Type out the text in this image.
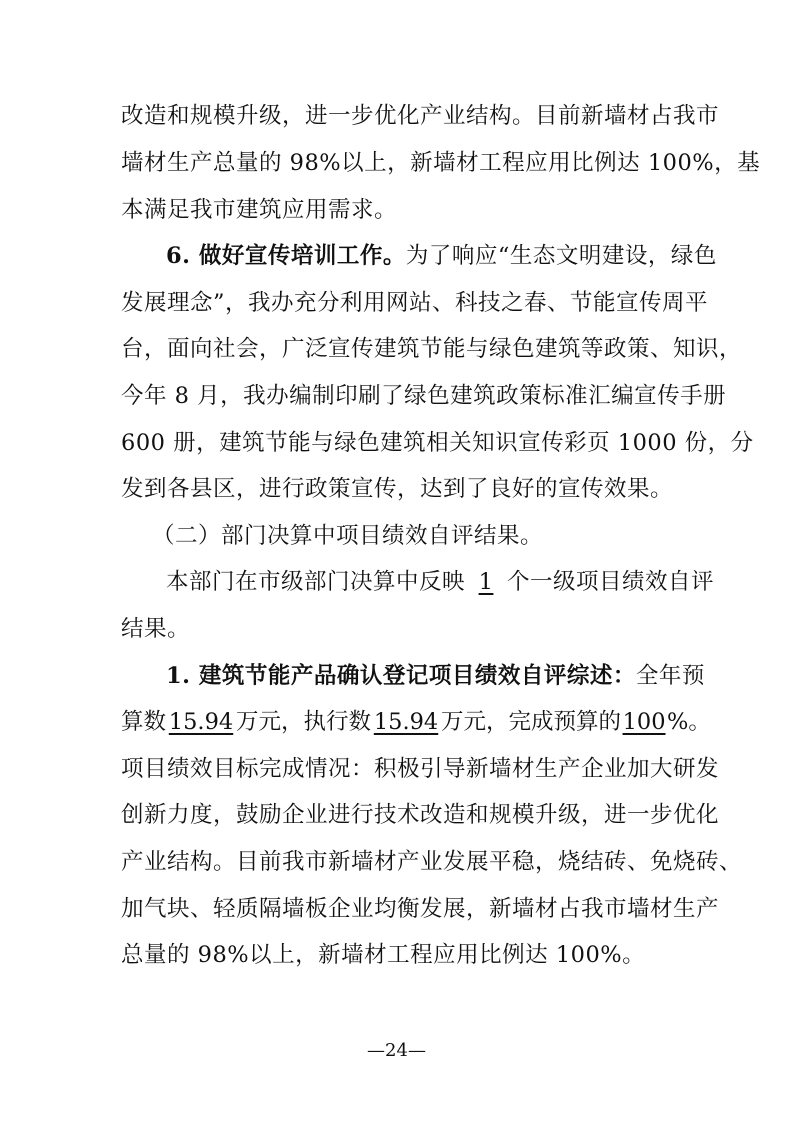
改造和规模升级，进一步优化产业结构。目前新墙材占我市
墙材生产总量的 98%以上，新墙材工程应用比例达 100%，基
本满足我市建筑应用需求。
6. 做好宣传培训工作。为了响应“生态文明建设，绿色
发展理念”，我办充分利用网站、科技之春、节能宣传周平
台，面向社会，广泛宣传建筑节能与绿色建筑等政策、知识，
今年 8 月，我办编制印刷了绿色建筑政策标准汇编宣传手册
600 册，建筑节能与绿色建筑相关知识宣传彩页 1000 份，分
发到各县区，进行政策宣传，达到了良好的宣传效果。
（二）部门决算中项目绩效自评结果。
本部门在市级部门决算中反映 1 个一级项目绩效自评
结果。
1. 建筑节能产品确认登记项目绩效自评综述：全年预
算数 15.94 万元，执行数 15.94 万元，完成预算的100%。
项目绩效目标完成情况：积极引导新墙材生产企业加大研发
创新力度，鼓励企业进行技术改造和规模升级，进一步优化
产业结构。目前我市新墙材产业发展平稳，烧结砖、免烧砖、
加气块、轻质隔墙板企业均衡发展，新墙材占我市墙材生产
总量的 98%以上，新墙材工程应用比例达 100%。
—24—
